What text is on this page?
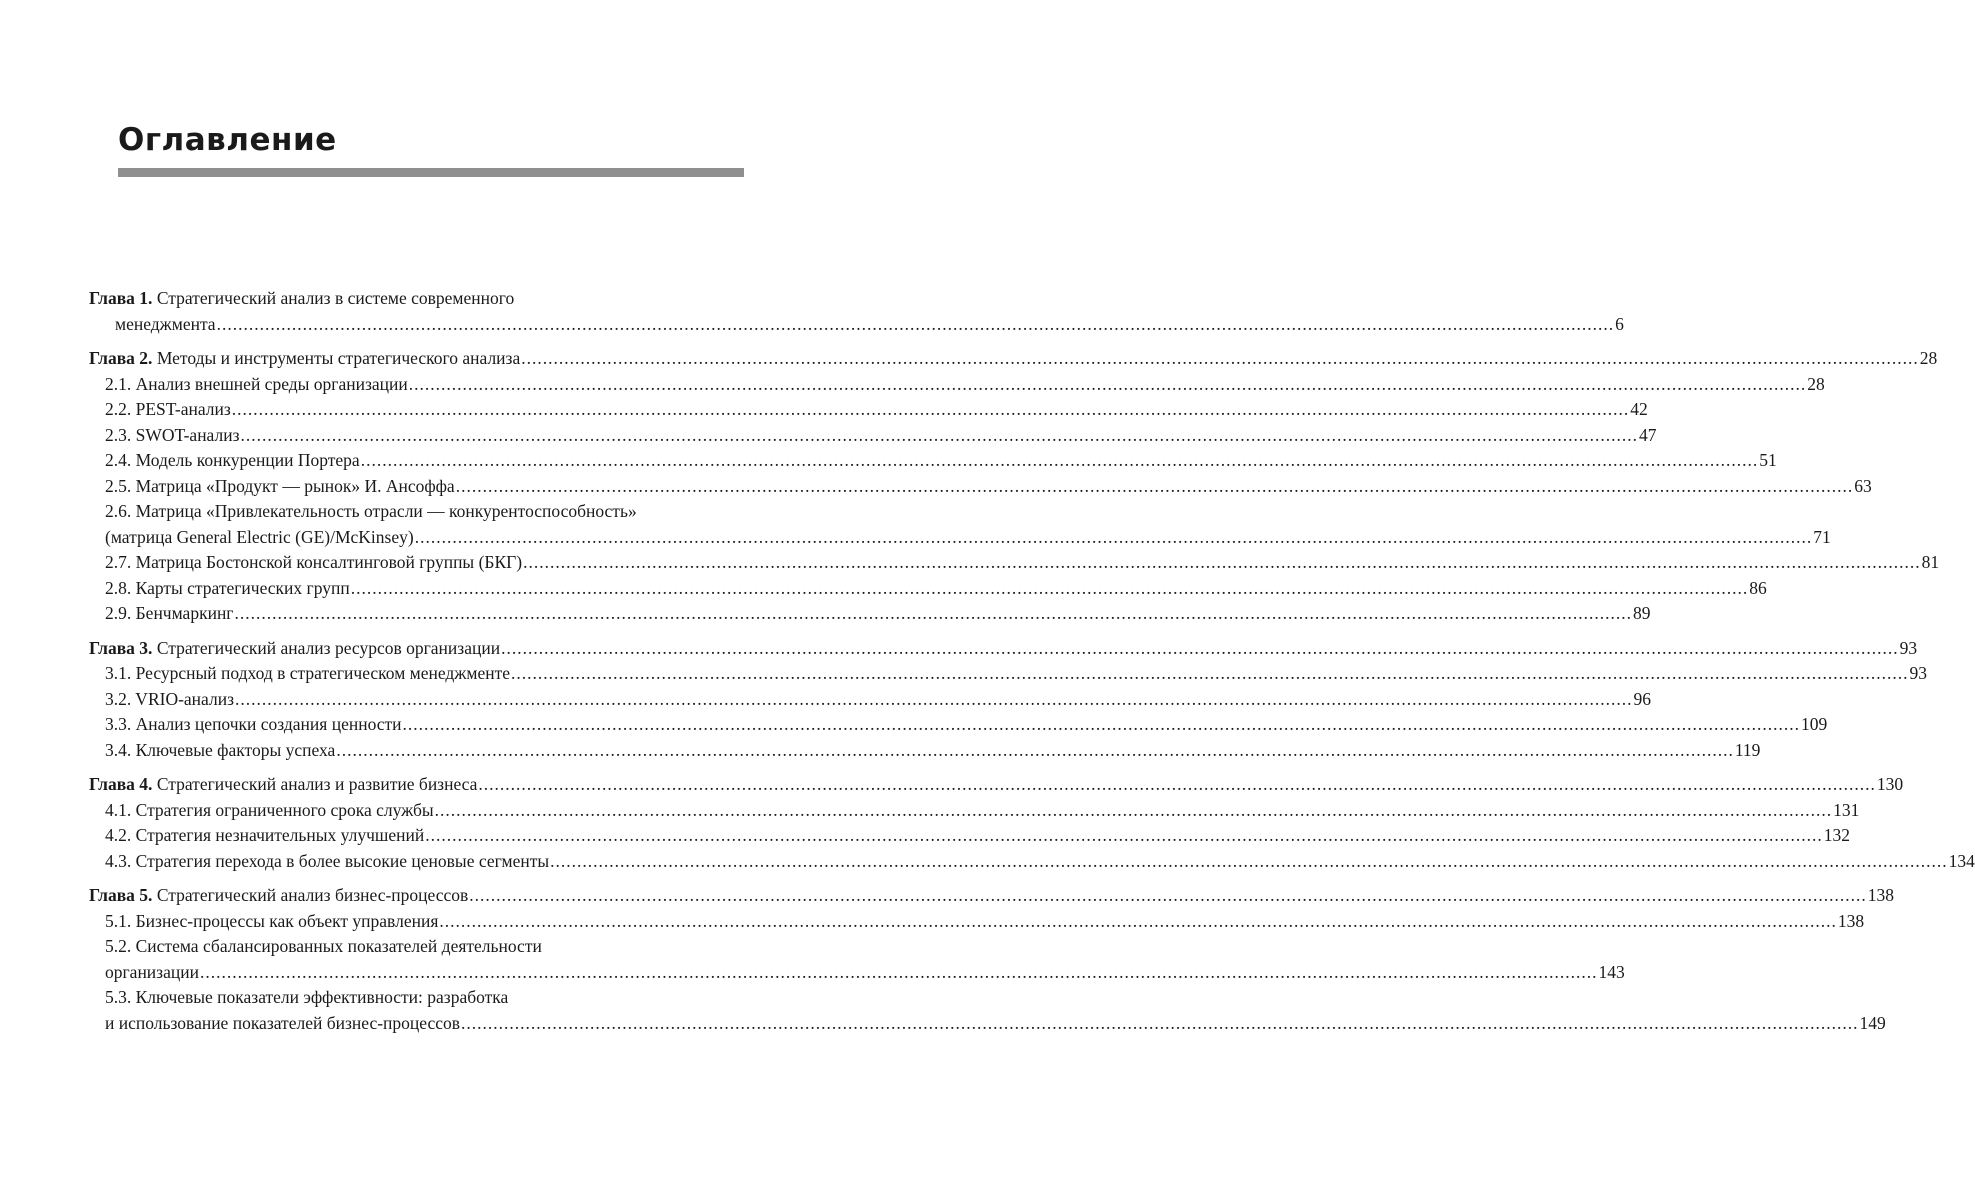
Оглавление
Глава 1. Стратегический анализ в системе современного
менеджмента .....	6
Глава 2. Методы и инструменты стратегического анализа .....	28
2.1. Анализ внешней среды организации .....	28
2.2. PEST-анализ .....	42
2.3. SWOT-анализ .....	47
2.4. Модель конкуренции Портера .....	51
2.5. Матрица «Продукт — рынок» И. Ансоффа .....	63
2.6. Матрица «Привлекательность отрасли — конкурентоспособность»
(матрица General Electric (GE)/McKinsey) .....	71
2.7. Матрица Бостонской консалтинговой группы (БКГ) .....	81
2.8. Карты стратегических групп .....	86
2.9. Бенчмаркинг .....	89
Глава 3. Стратегический анализ ресурсов организации .....	93
3.1. Ресурсный подход в стратегическом менеджменте .....	93
3.2. VRIO-анализ .....	96
3.3. Анализ цепочки создания ценности .....	109
3.4. Ключевые факторы успеха .....	119
Глава 4. Стратегический анализ и развитие бизнеса .....	130
4.1. Стратегия ограниченного срока службы .....	131
4.2. Стратегия незначительных улучшений .....	132
4.3. Стратегия перехода в более высокие ценовые сегменты .....	134
Глава 5. Стратегический анализ бизнес-процессов .....	138
5.1. Бизнес-процессы как объект управления .....	138
5.2. Система сбалансированных показателей деятельности
организации .....	143
5.3. Ключевые показатели эффективности: разработка
и использование показателей бизнес-процессов .....	149
